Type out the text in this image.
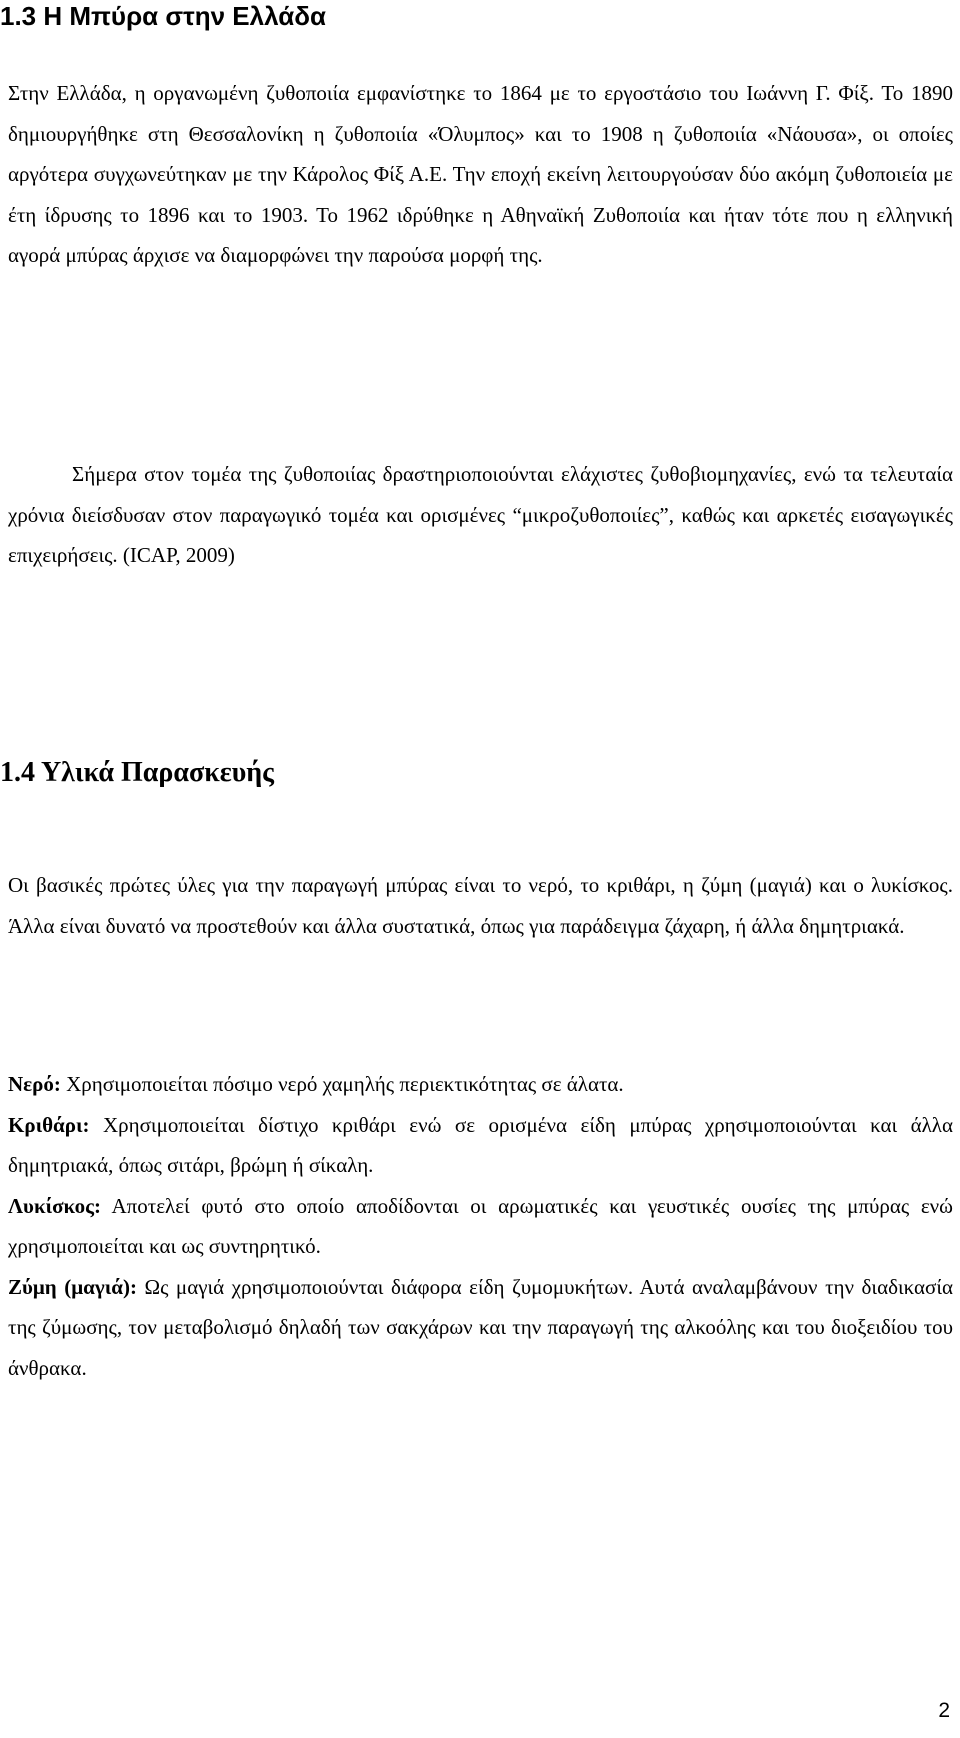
1.3 Η Μπύρα στην Ελλάδα

Στην Ελλάδα, η οργανωμένη ζυθοποιία εμφανίστηκε το 1864 με το εργοστάσιο του Ιωάννη Γ. Φίξ. Το 1890 δημιουργήθηκε στη Θεσσαλονίκη η ζυθοποιία «Όλυμπος» και το 1908 η ζυθοποιία «Νάουσα», οι οποίες αργότερα συγχωνεύτηκαν με την Κάρολος Φίξ Α.Ε. Την εποχή εκείνη λειτουργούσαν δύο ακόμη ζυθοποιεία με έτη ίδρυσης το 1896 και το 1903. Το 1962 ιδρύθηκε η Αθηναϊκή Ζυθοποιία και ήταν τότε που η ελληνική αγορά μπύρας άρχισε να διαμορφώνει την παρούσα μορφή της.

Σήμερα στον τομέα της ζυθοποιίας δραστηριοποιούνται ελάχιστες ζυθοβιομηχανίες, ενώ τα τελευταία χρόνια διείσδυσαν στον παραγωγικό τομέα και ορισμένες “μικροζυθοποιίες”, καθώς και αρκετές εισαγωγικές επιχειρήσεις. (ICAP, 2009)

1.4 Υλικά Παρασκευής

Οι βασικές πρώτες ύλες για την παραγωγή μπύρας είναι το νερό, το κριθάρι, η ζύμη (μαγιά) και ο λυκίσκος. Άλλα είναι δυνατό να προστεθούν και άλλα συστατικά, όπως για παράδειγμα ζάχαρη, ή άλλα δημητριακά.

Νερό: Χρησιμοποιείται πόσιμο νερό χαμηλής περιεκτικότητας σε άλατα.
Κριθάρι: Χρησιμοποιείται δίστιχο κριθάρι ενώ σε ορισμένα είδη μπύρας χρησιμοποιούνται και άλλα δημητριακά, όπως σιτάρι, βρώμη ή σίκαλη.
Λυκίσκος: Αποτελεί φυτό στο οποίο αποδίδονται οι αρωματικές και γευστικές ουσίες της μπύρας ενώ χρησιμοποιείται και ως συντηρητικό.
Ζύμη (μαγιά): Ως μαγιά χρησιμοποιούνται διάφορα είδη ζυμομυκήτων. Αυτά αναλαμβάνουν την διαδικασία της ζύμωσης, τον μεταβολισμό δηλαδή των σακχάρων και την παραγωγή της αλκοόλης και του διοξειδίου του άνθρακα.

2
